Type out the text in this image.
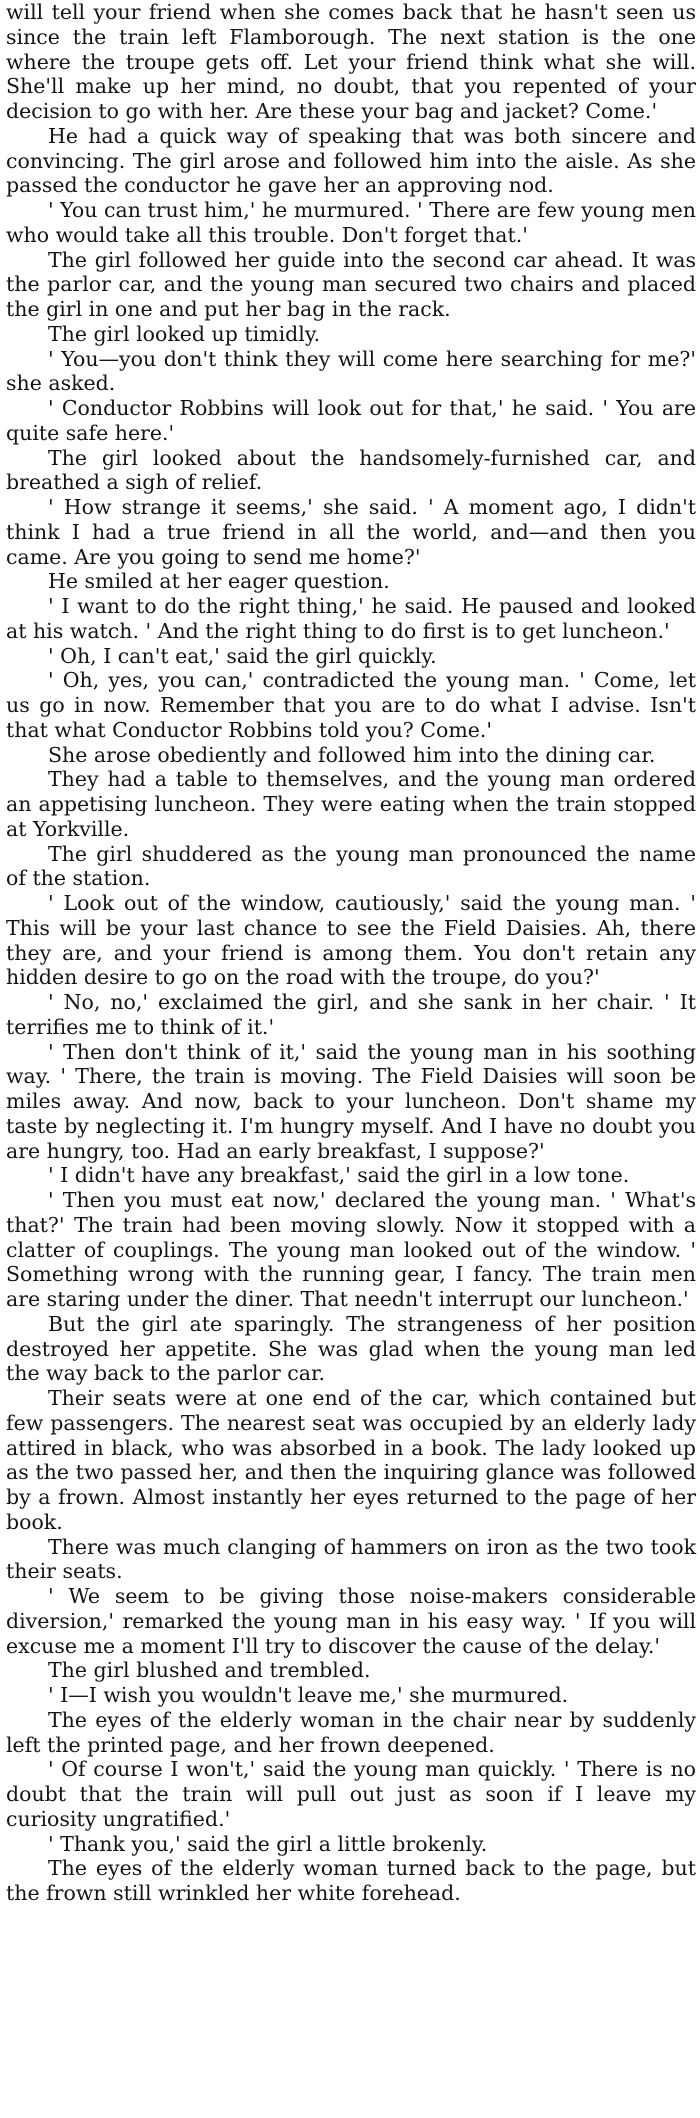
will tell your friend when she comes back that he hasn't seen us since the train left Flamborough. The next station is the one where the troupe gets off. Let your friend think what she will. She'll make up her mind, no doubt, that you repented of your decision to go with her. Are these your bag and jacket? Come.'

He had a quick way of speaking that was both sincere and convincing. The girl arose and followed him into the aisle. As she passed the conductor he gave her an approving nod.

' You can trust him,' he murmured. ' There are few young men who would take all this trouble. Don't forget that.'

The girl followed her guide into the second car ahead. It was the parlor car, and the young man secured two chairs and placed the girl in one and put her bag in the rack.

The girl looked up timidly.

' You—you don't think they will come here searching for me?' she asked.

' Conductor Robbins will look out for that,' he said. ' You are quite safe here.'

The girl looked about the handsomely-furnished car, and breathed a sigh of relief.

' How strange it seems,' she said. ' A moment ago, I didn't think I had a true friend in all the world, and—and then you came. Are you going to send me home?'

He smiled at her eager question.

' I want to do the right thing,' he said. He paused and looked at his watch. ' And the right thing to do first is to get luncheon.'

' Oh, I can't eat,' said the girl quickly.

' Oh, yes, you can,' contradicted the young man. ' Come, let us go in now. Remember that you are to do what I advise. Isn't that what Conductor Robbins told you? Come.'

She arose obediently and followed him into the dining car.

They had a table to themselves, and the young man ordered an appetising luncheon. They were eating when the train stopped at Yorkville.

The girl shuddered as the young man pronounced the name of the station.

' Look out of the window, cautiously,' said the young man. ' This will be your last chance to see the Field Daisies. Ah, there they are, and your friend is among them. You don't retain any hidden desire to go on the road with the troupe, do you?'

' No, no,' exclaimed the girl, and she sank in her chair. ' It terrifies me to think of it.'

' Then don't think of it,' said the young man in his soothing way. ' There, the train is moving. The Field Daisies will soon be miles away. And now, back to your luncheon. Don't shame my taste by neglecting it. I'm hungry myself. And I have no doubt you are hungry, too. Had an early breakfast, I suppose?'

' I didn't have any breakfast,' said the girl in a low tone.

' Then you must eat now,' declared the young man. ' What's that?' The train had been moving slowly. Now it stopped with a clatter of couplings. The young man looked out of the window. ' Something wrong with the running gear, I fancy. The train men are staring under the diner. That needn't interrupt our luncheon.'

But the girl ate sparingly. The strangeness of her position destroyed her appetite. She was glad when the young man led the way back to the parlor car.

Their seats were at one end of the car, which contained but few passengers. The nearest seat was occupied by an elderly lady attired in black, who was absorbed in a book. The lady looked up as the two passed her, and then the inquiring glance was followed by a frown. Almost instantly her eyes returned to the page of her book.

There was much clanging of hammers on iron as the two took their seats.

' We seem to be giving those noise-makers considerable diversion,' remarked the young man in his easy way. ' If you will excuse me a moment I'll try to discover the cause of the delay.'

The girl blushed and trembled.

' I—I wish you wouldn't leave me,' she murmured.

The eyes of the elderly woman in the chair near by suddenly left the printed page, and her frown deepened.

' Of course I won't,' said the young man quickly. ' There is no doubt that the train will pull out just as soon if I leave my curiosity ungratified.'

' Thank you,' said the girl a little brokenly.

The eyes of the elderly woman turned back to the page, but the frown still wrinkled her white forehead.
